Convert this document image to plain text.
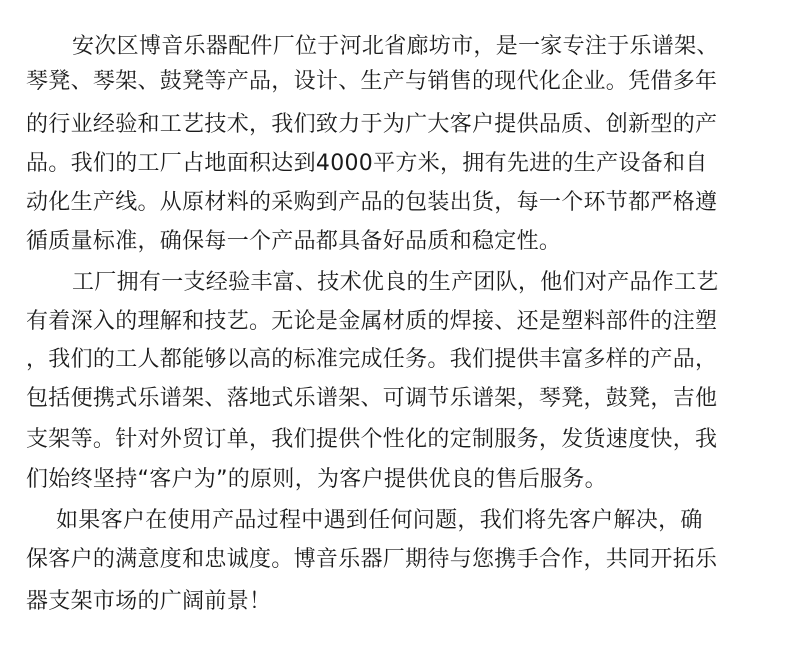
安次区博音乐器配件厂位于河北省廊坊市，是一家专注于乐谱架、
琴凳、琴架、鼓凳等产品，设计、生产与销售的现代化企业。凭借多年
的行业经验和工艺技术，我们致力于为广大客户提供品质、创新型的产
品。我们的工厂占地面积达到4000平方米，拥有先进的生产设备和自
动化生产线。从原材料的采购到产品的包装出货，每一个环节都严格遵
循质量标准，确保每一个产品都具备好品质和稳定性。
工厂拥有一支经验丰富、技术优良的生产团队，他们对产品作工艺
有着深入的理解和技艺。无论是金属材质的焊接、还是塑料部件的注塑
，我们的工人都能够以高的标准完成任务。我们提供丰富多样的产品，
包括便携式乐谱架、落地式乐谱架、可调节乐谱架，琴凳，鼓凳，吉他
支架等。针对外贸订单，我们提供个性化的定制服务，发货速度快，我
们始终坚持“客户为”的原则，为客户提供优良的售后服务。
如果客户在使用产品过程中遇到任何问题，我们将先客户解决，确
保客户的满意度和忠诚度。博音乐器厂期待与您携手合作，共同开拓乐
器支架市场的广阔前景！
